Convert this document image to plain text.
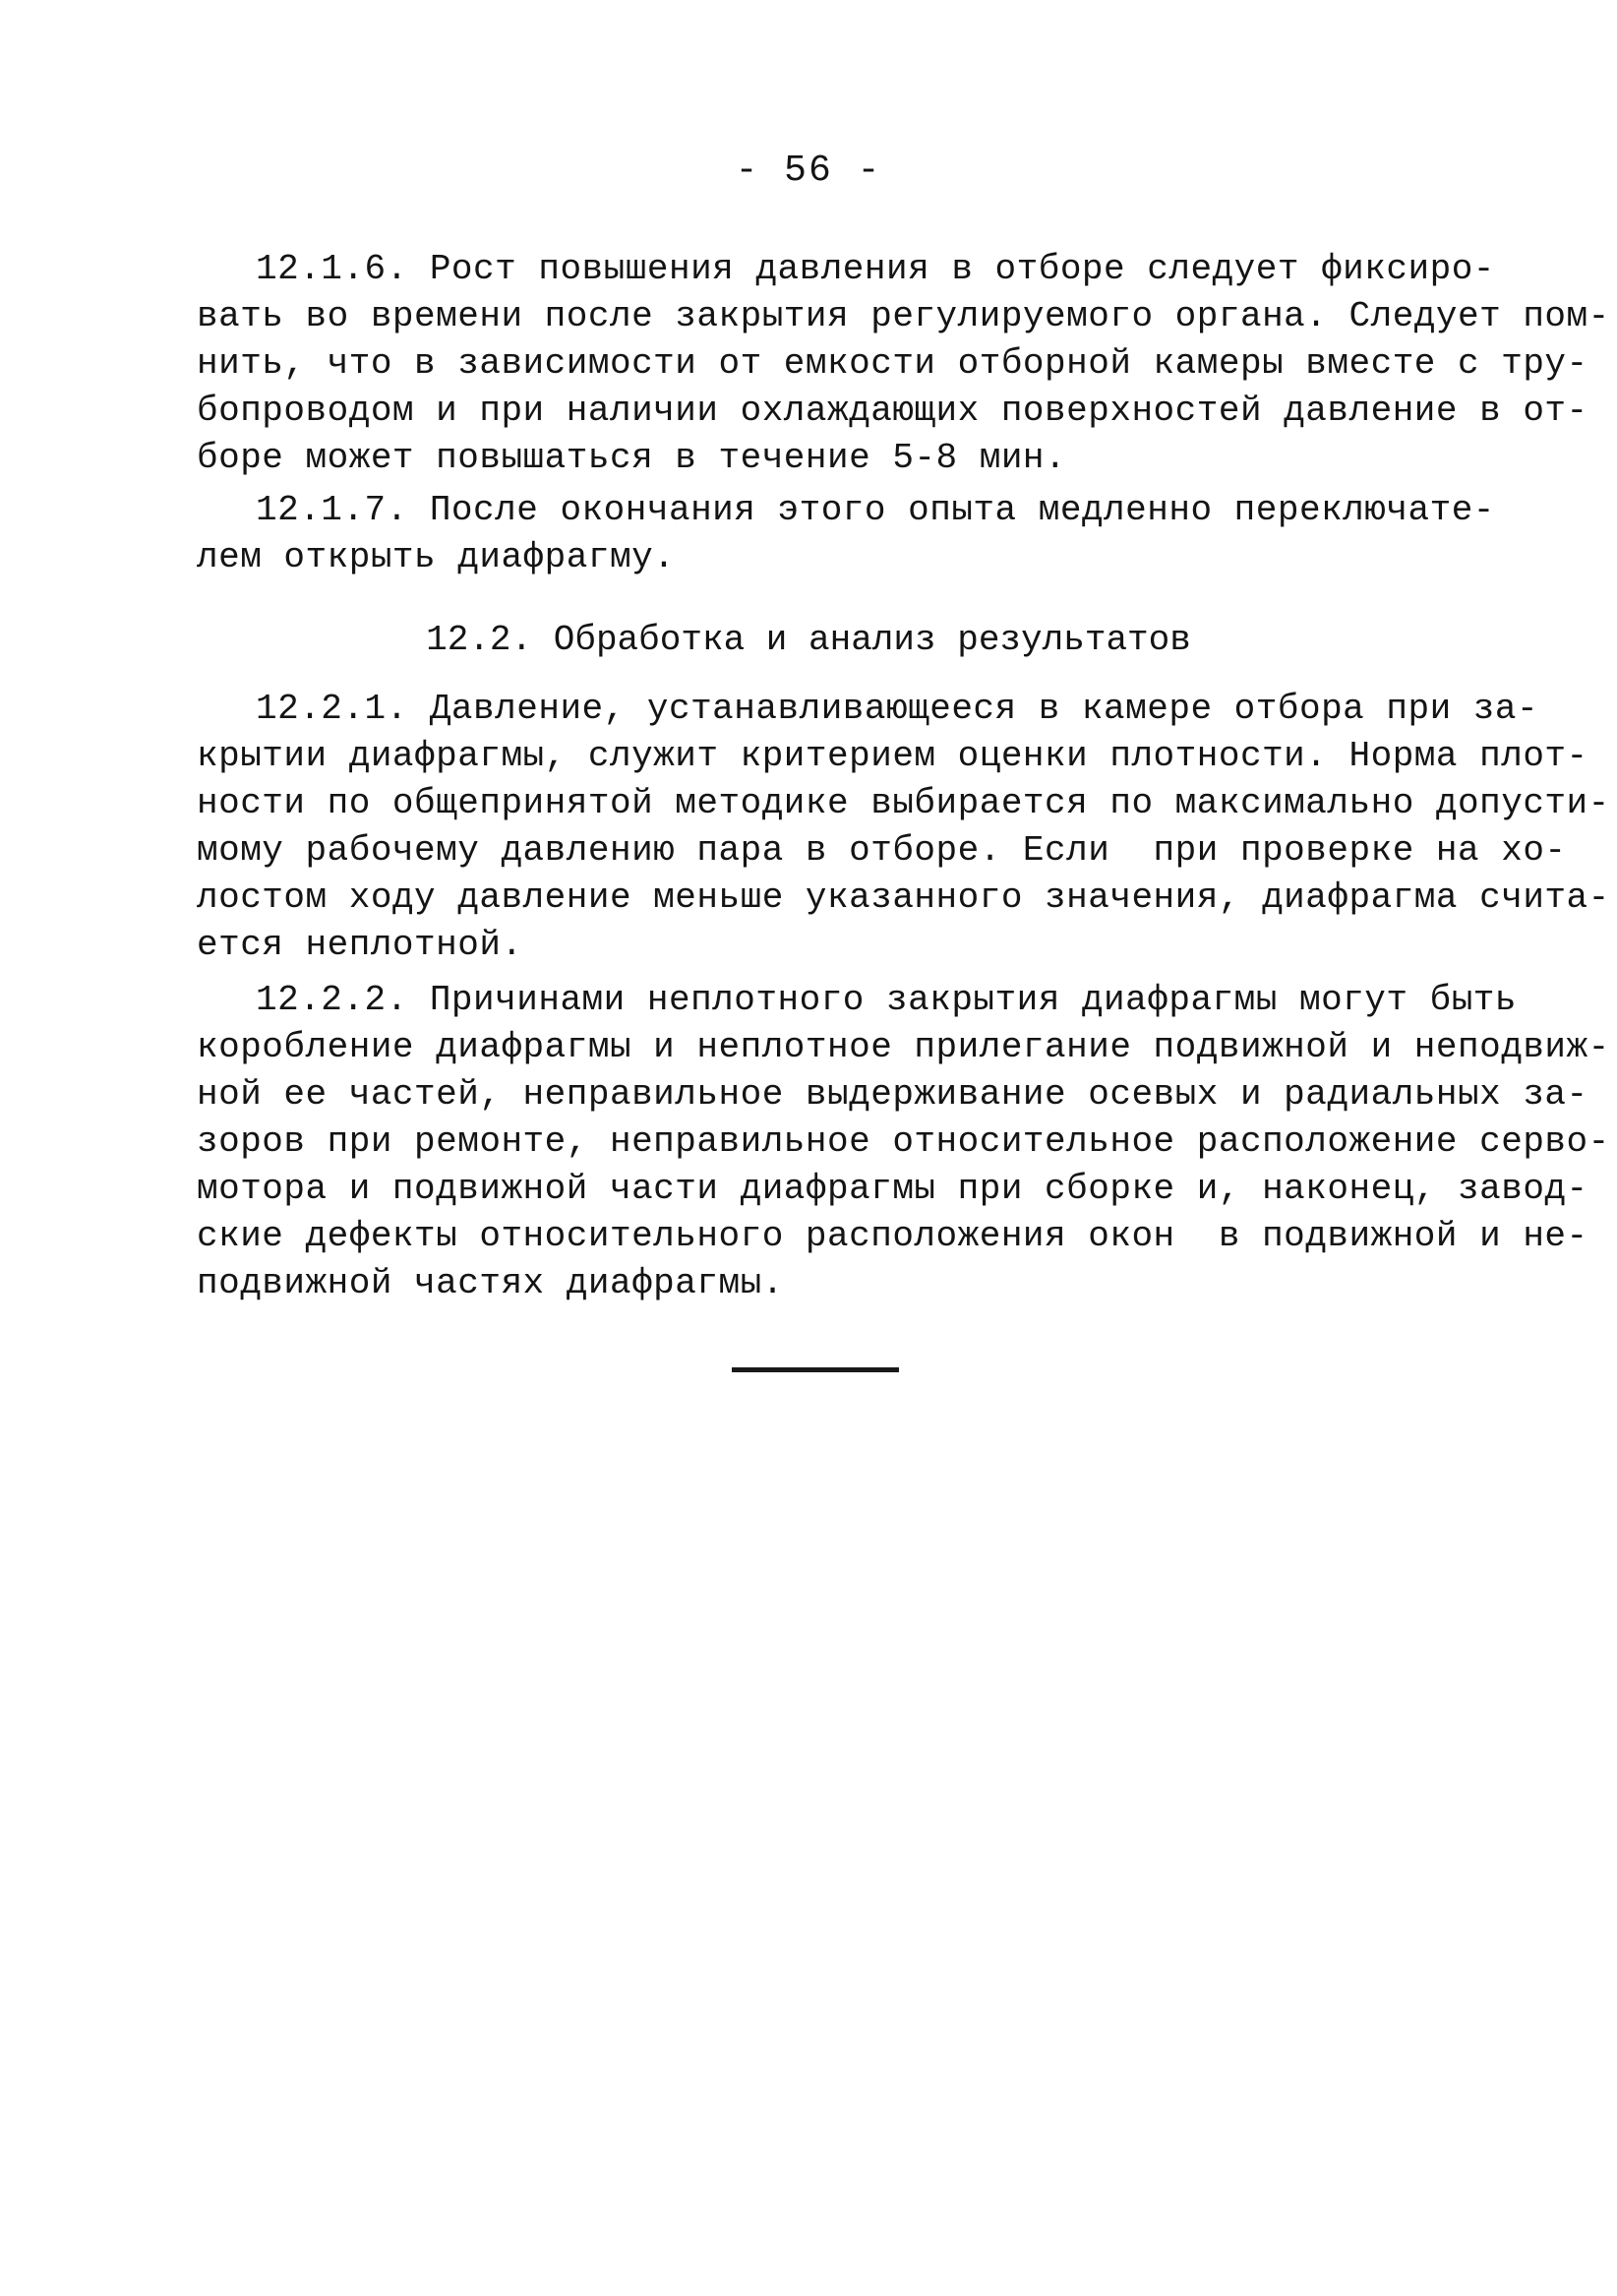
- 56 -
12.1.6. Рост повышения давления в отборе следует фиксиро-
вать во времени после закрытия регулируемого органа. Следует пом-
нить, что в зависимости от емкости отборной камеры вместе с тру-
бопроводом и при наличии охлаждающих поверхностей давление в от-
боре может повышаться в течение 5-8 мин.
12.1.7. После окончания этого опыта медленно переключате-
лем открыть диафрагму.
12.2. Обработка и анализ результатов
12.2.1. Давление, устанавливающееся в камере отбора при за-
крытии диафрагмы, служит критерием оценки плотности. Норма плот-
ности по общепринятой методике выбирается по максимально допусти-
мому рабочему давлению пара в отборе. Если  при проверке на хо-
лостом ходу давление меньше указанного значения, диафрагма счита-
ется неплотной.
12.2.2. Причинами неплотного закрытия диафрагмы могут быть
коробление диафрагмы и неплотное прилегание подвижной и неподвиж-
ной ее частей, неправильное выдерживание осевых и радиальных за-
зоров при ремонте, неправильное относительное расположение серво-
мотора и подвижной части диафрагмы при сборке и, наконец, завод-
ские дефекты относительного расположения окон  в подвижной и не-
подвижной частях диафрагмы.
